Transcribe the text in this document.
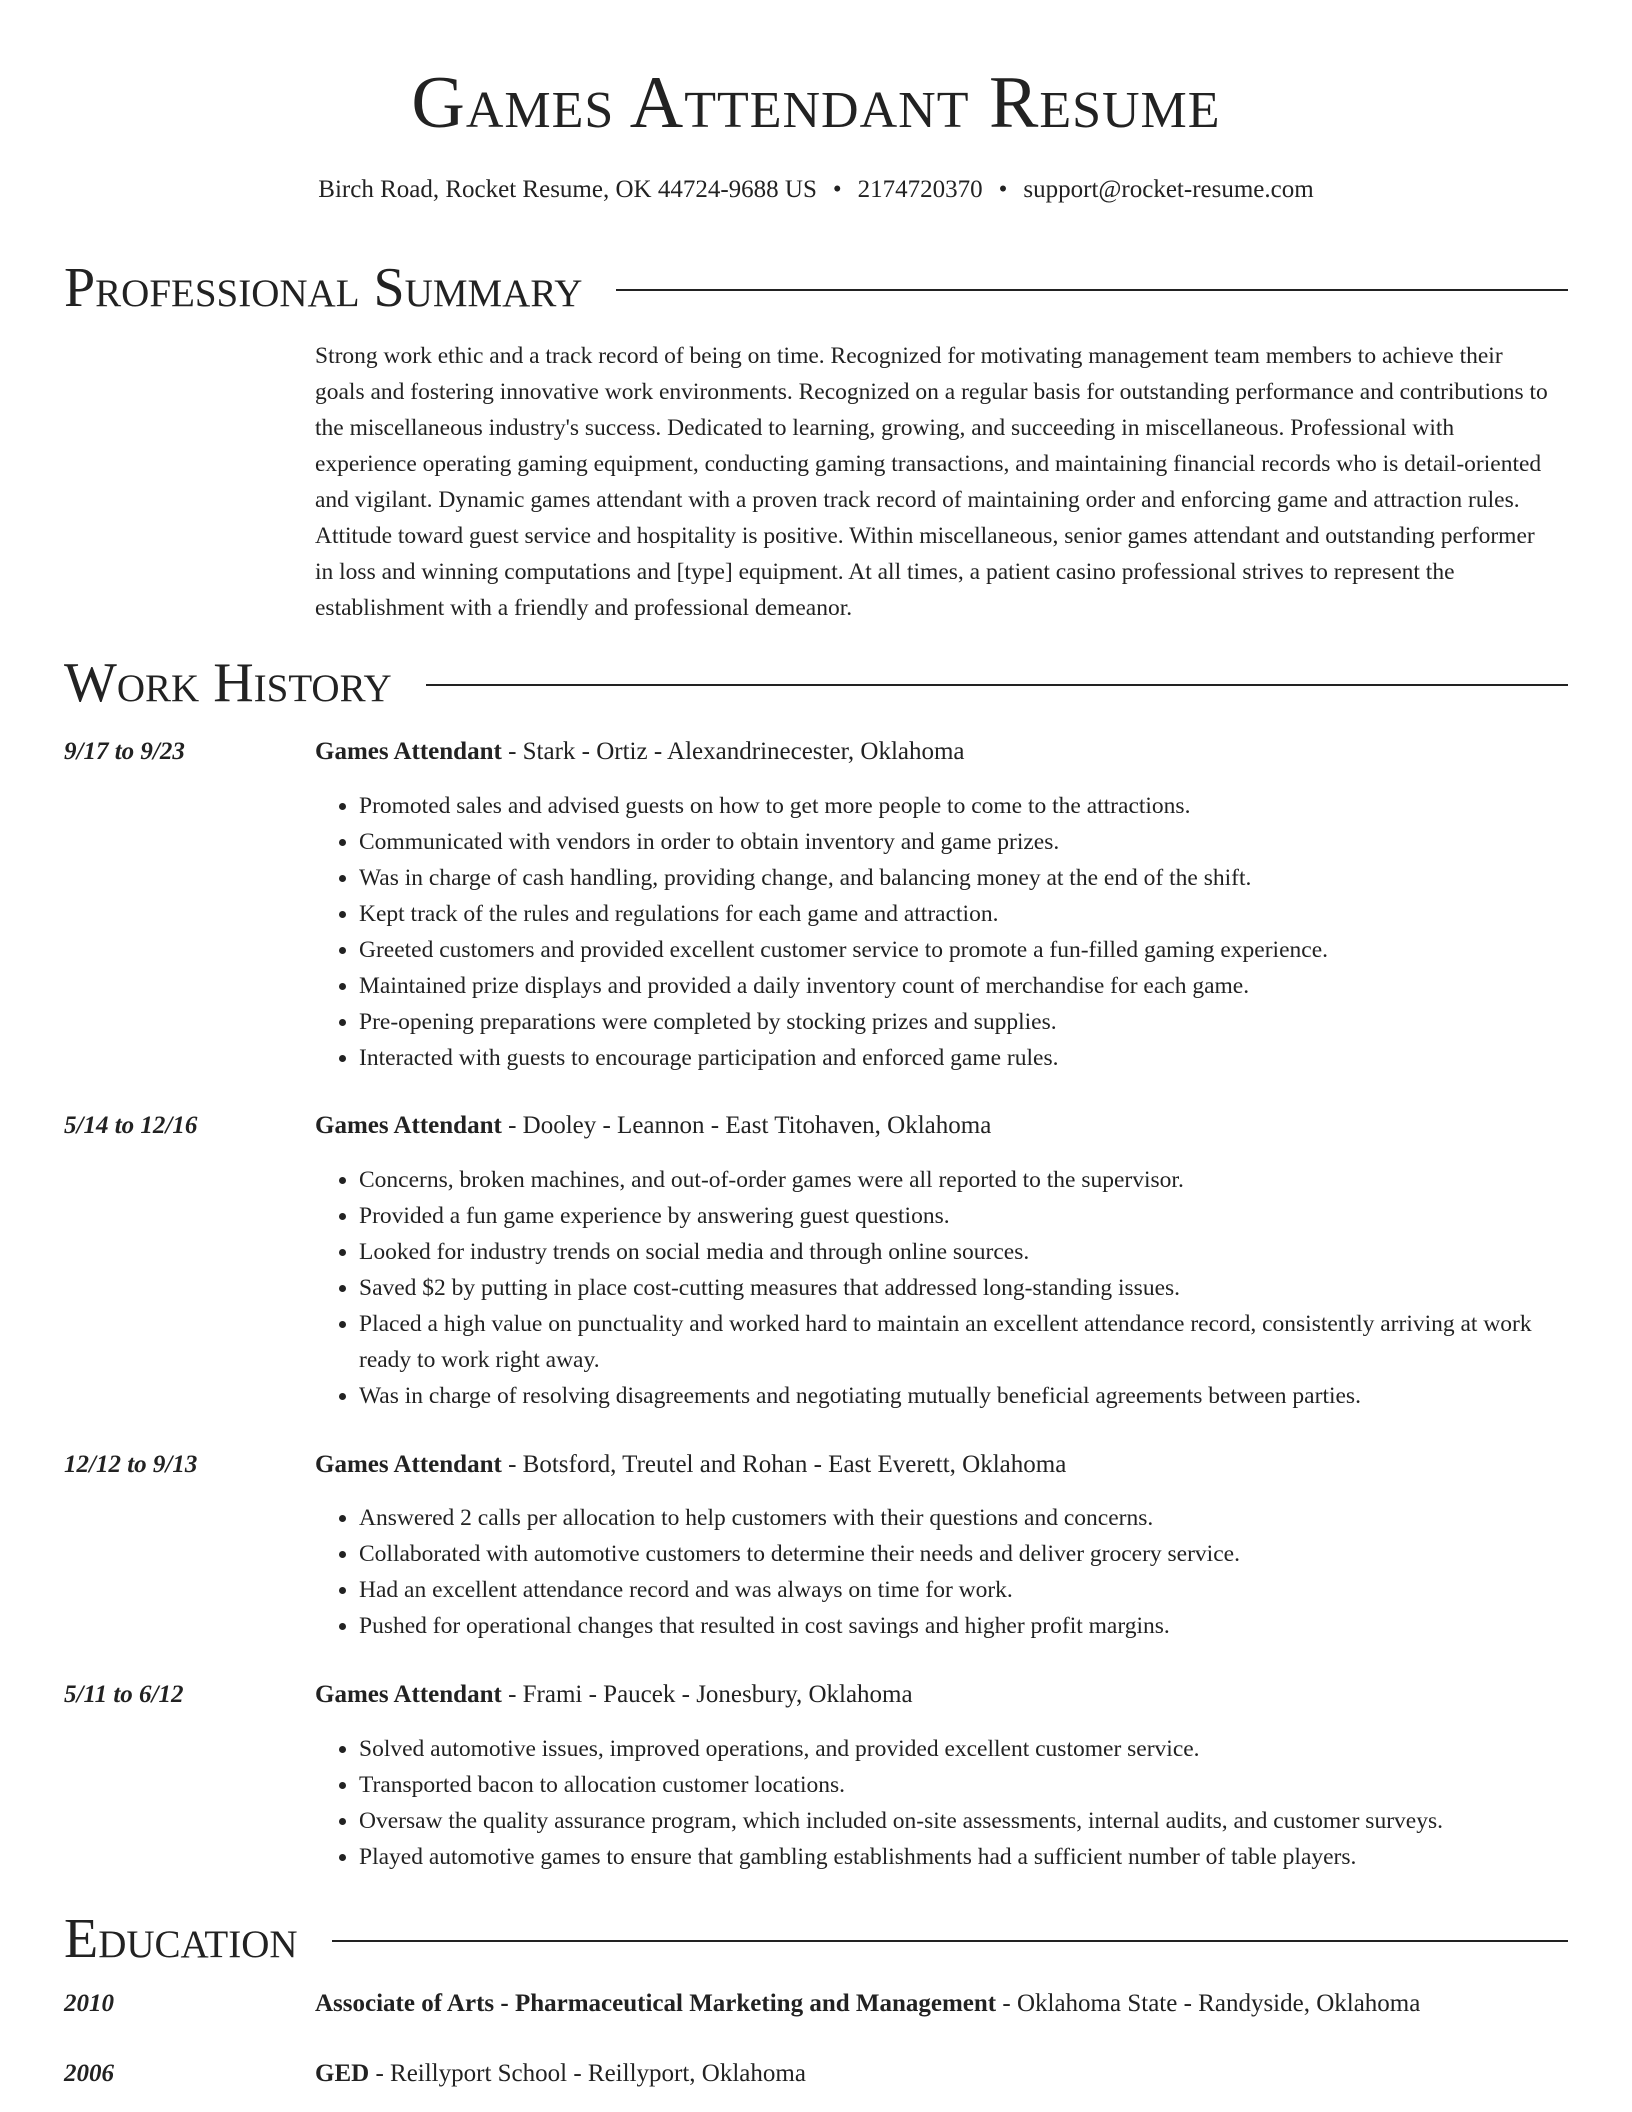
Games Attendant Resume
Birch Road, Rocket Resume, OK 44724-9688 US • 2174720370 • support@rocket-resume.com
Professional Summary

Strong work ethic and a track record of being on time. Recognized for motivating management team members to achieve their goals and fostering innovative work environments. Recognized on a regular basis for outstanding performance and contributions to the miscellaneous industry's success. Dedicated to learning, growing, and succeeding in miscellaneous. Professional with experience operating gaming equipment, conducting gaming transactions, and maintaining financial records who is detail-oriented and vigilant. Dynamic games attendant with a proven track record of maintaining order and enforcing game and attraction rules. Attitude toward guest service and hospitality is positive. Within miscellaneous, senior games attendant and outstanding performer in loss and winning computations and [type] equipment. At all times, a patient casino professional strives to represent the establishment with a friendly and professional demeanor.

Work History
9/17 to 9/23	Games Attendant - Stark - Ortiz - Alexandrinecester, Oklahoma
• Promoted sales and advised guests on how to get more people to come to the attractions.
• Communicated with vendors in order to obtain inventory and game prizes.
• Was in charge of cash handling, providing change, and balancing money at the end of the shift.
• Kept track of the rules and regulations for each game and attraction.
• Greeted customers and provided excellent customer service to promote a fun-filled gaming experience.
• Maintained prize displays and provided a daily inventory count of merchandise for each game.
• Pre-opening preparations were completed by stocking prizes and supplies.
• Interacted with guests to encourage participation and enforced game rules.
5/14 to 12/16	Games Attendant - Dooley - Leannon - East Titohaven, Oklahoma
• Concerns, broken machines, and out-of-order games were all reported to the supervisor.
• Provided a fun game experience by answering guest questions.
• Looked for industry trends on social media and through online sources.
• Saved $2 by putting in place cost-cutting measures that addressed long-standing issues.
• Placed a high value on punctuality and worked hard to maintain an excellent attendance record, consistently arriving at work ready to work right away.
• Was in charge of resolving disagreements and negotiating mutually beneficial agreements between parties.
12/12 to 9/13	Games Attendant - Botsford, Treutel and Rohan - East Everett, Oklahoma
• Answered 2 calls per allocation to help customers with their questions and concerns.
• Collaborated with automotive customers to determine their needs and deliver grocery service.
• Had an excellent attendance record and was always on time for work.
• Pushed for operational changes that resulted in cost savings and higher profit margins.
5/11 to 6/12	Games Attendant - Frami - Paucek - Jonesbury, Oklahoma
• Solved automotive issues, improved operations, and provided excellent customer service.
• Transported bacon to allocation customer locations.
• Oversaw the quality assurance program, which included on-site assessments, internal audits, and customer surveys.
• Played automotive games to ensure that gambling establishments had a sufficient number of table players.
Education
2010	Associate of Arts - Pharmaceutical Marketing and Management - Oklahoma State - Randyside, Oklahoma
2006	GED - Reillyport School - Reillyport, Oklahoma
